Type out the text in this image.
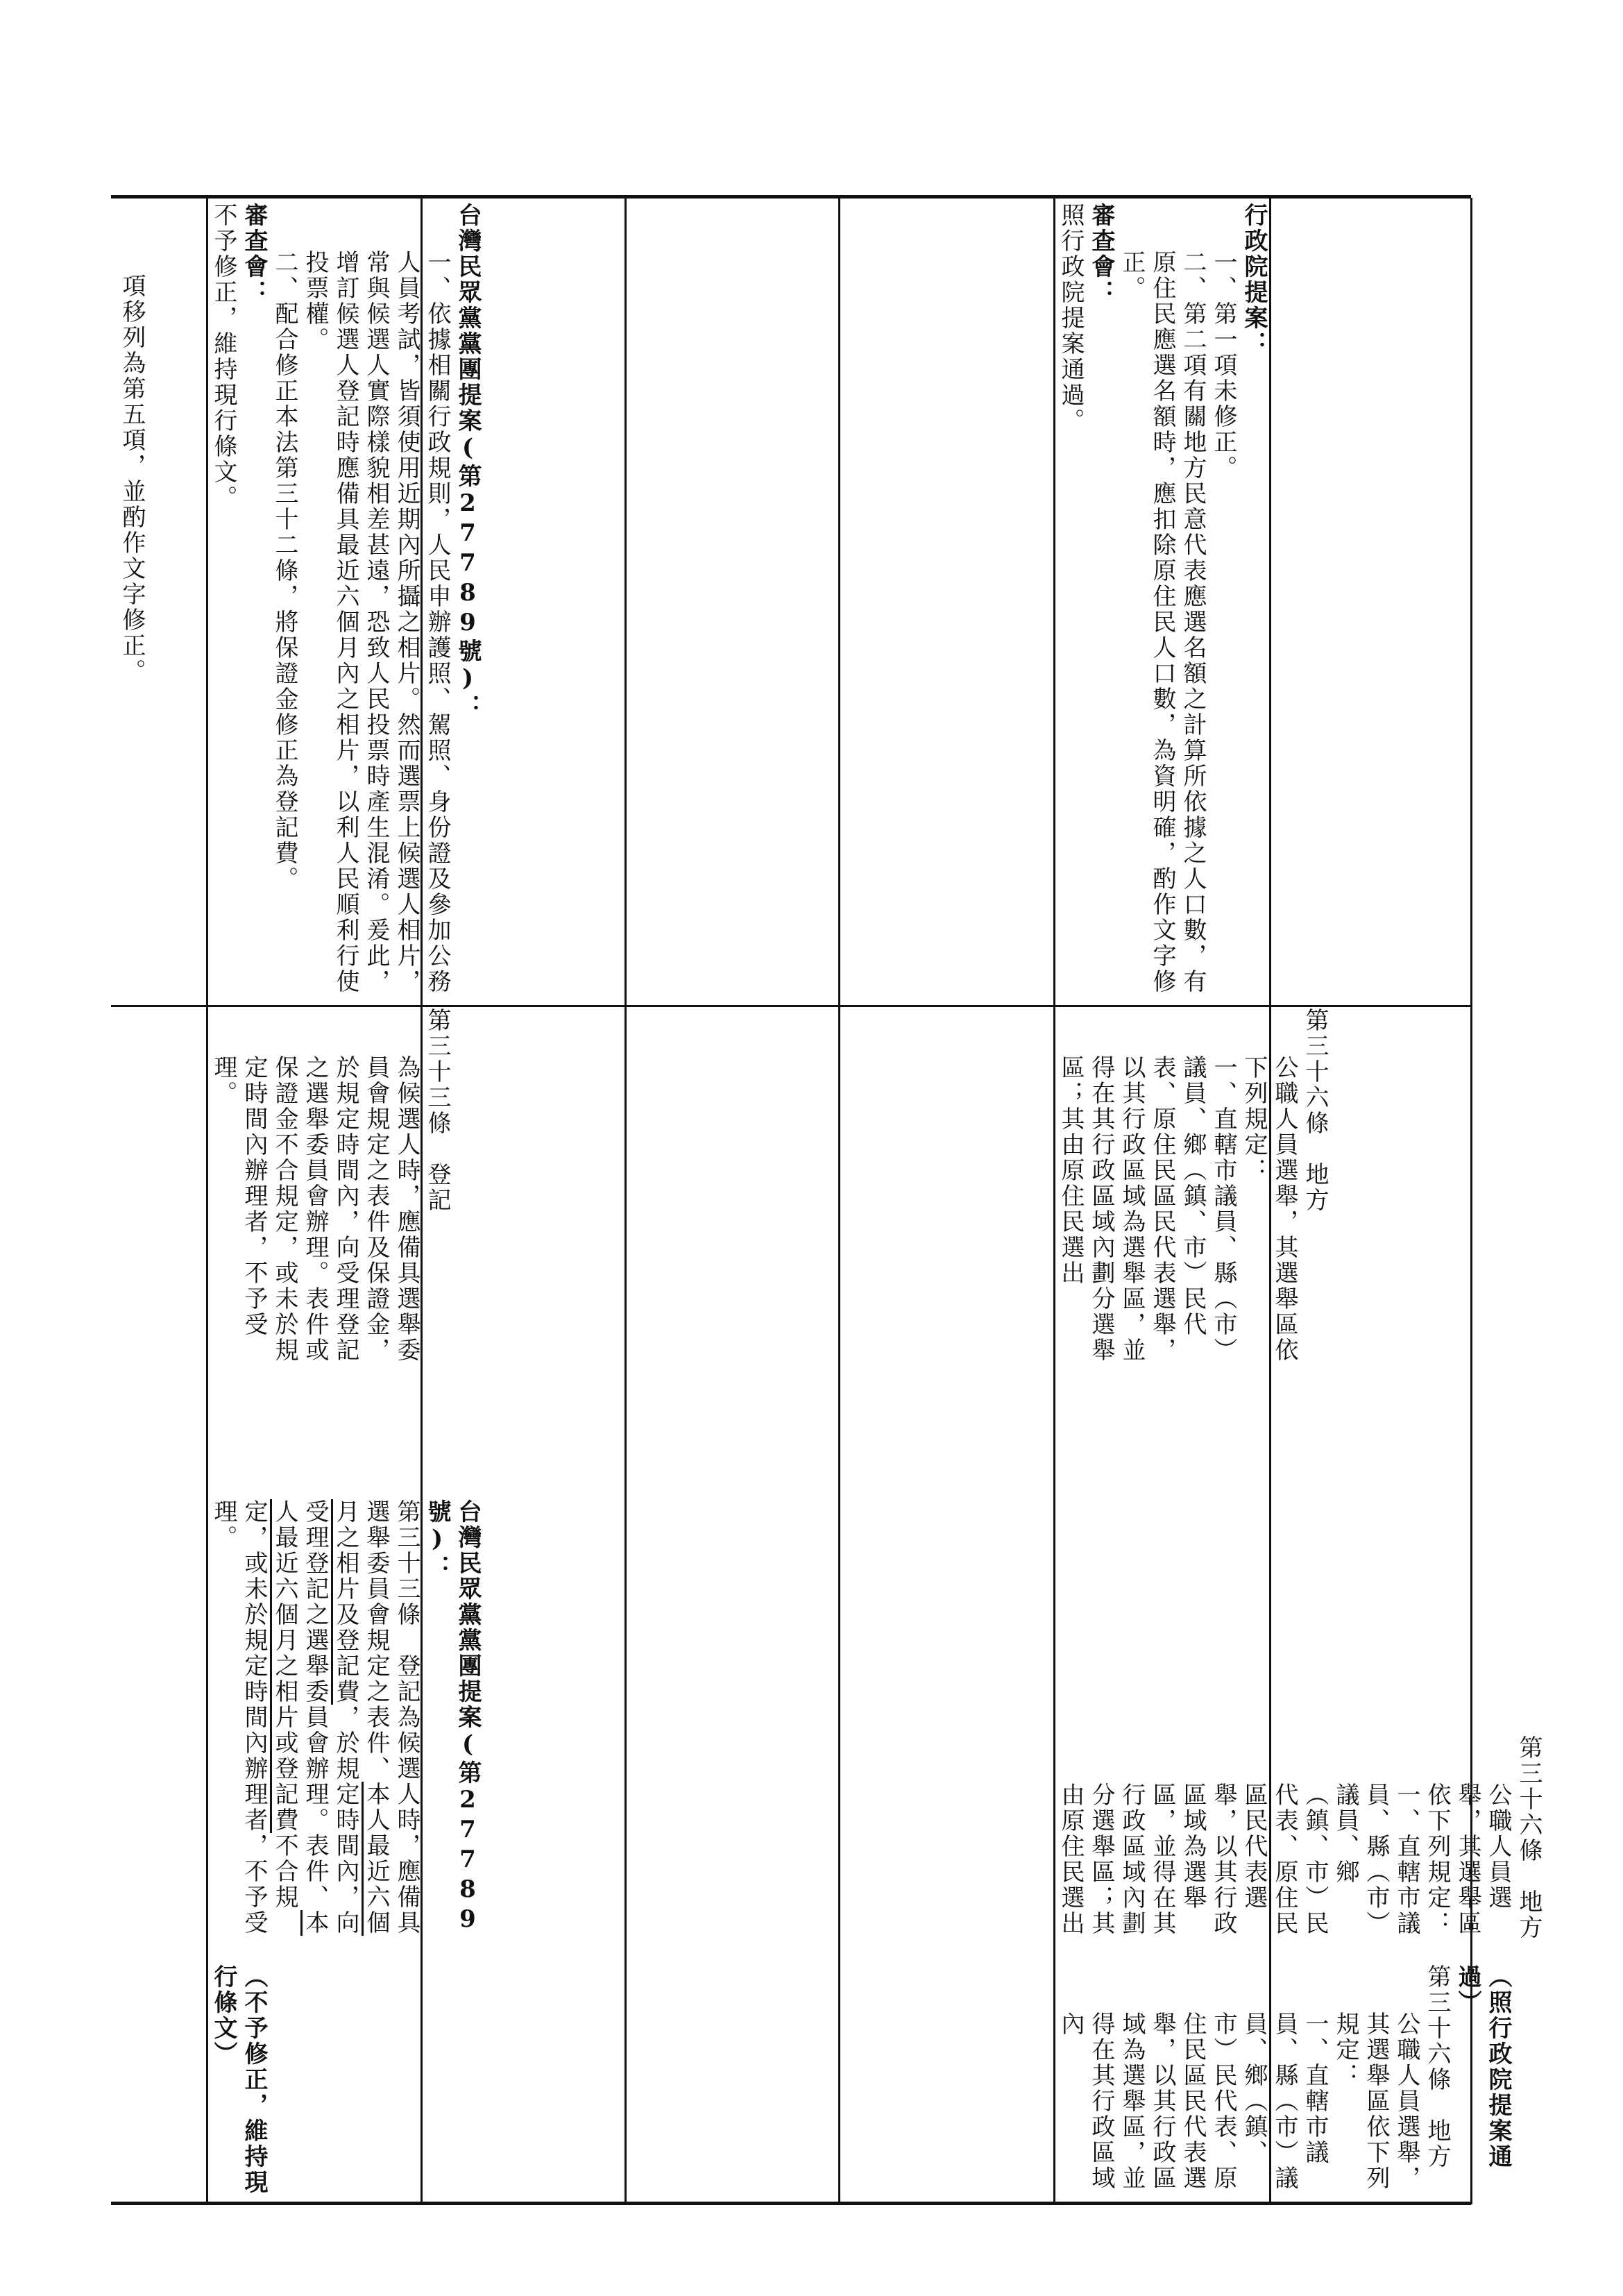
項移列為第五項，並酌作文字修正。	台灣民眾黨黨團提案(第27789號)：

一、依據相關行政規則，人民申辦護照、駕照、身份證及參加公務人員考試，皆須使用近期內所攝之相片。然而選票上候選人相片，常與候選人實際樣貌相差甚遠，恐致人民投票時產生混淆。爰此，增訂候選人登記時應備具最近六個月內之相片，以利人民順利行使投票權。

二、配合修正本法第三十二條，將保證金修正為登記費。

審查會：

不予修正，維持現行條文。

第三十三條　登記

為候選人時，應備具選舉委員會規定之表件及保證金，於規定時間內，向受理登記之選舉委員會辦理。表件或保證金不合規定，或未於規定時間內辦理者，不予受理。

行政院提案：

一、第一項未修正。

二、第二項有關地方民意代表應選名額之計算所依據之人口數，有原住民應選名額時，應扣除原住民人口數，為資明確，酌作文字修正。

審查會：

照行政院提案通過。

第三十六條　地方

公職人員選舉，其選舉區依下列規定：

一、直轄市議員、縣（市）議員、鄉（鎮、市）民代表、原住民區民代表選舉，以其行政區域為選舉區，並得在其行政區域內劃分選舉區；其由原住民選出

（不予修正，維持現行條文）

台灣民眾黨黨團提案(第27789號)：

第三十三條　登記為候選人時，應備具選舉委員會規定之表件、本人最近六個月之相片及登記費，於規定時間內，向受理登記之選舉委員會辦理。表件、本人最近六個月之相片或登記費不合規定，或未於規定時間內辦理者，不予受理。

（照行政院提案通過）

第三十六條　地方

公職人員選舉，其選舉區依下列規定：

一、直轄市議員、縣（市）議員、鄉（鎮、市）民代表、原住民區民代表選舉，以其行政區域為選舉區，並得在其行政區域內

第三十六條　地方

公職人員選舉，其選舉區依下列規定：

一、直轄市議員、縣（市）議員、鄉（鎮、市）民代表、原住民區民代表選舉，以其行政區域為選舉區，並得在其行政區域內劃分選舉區；其由原住民選出
